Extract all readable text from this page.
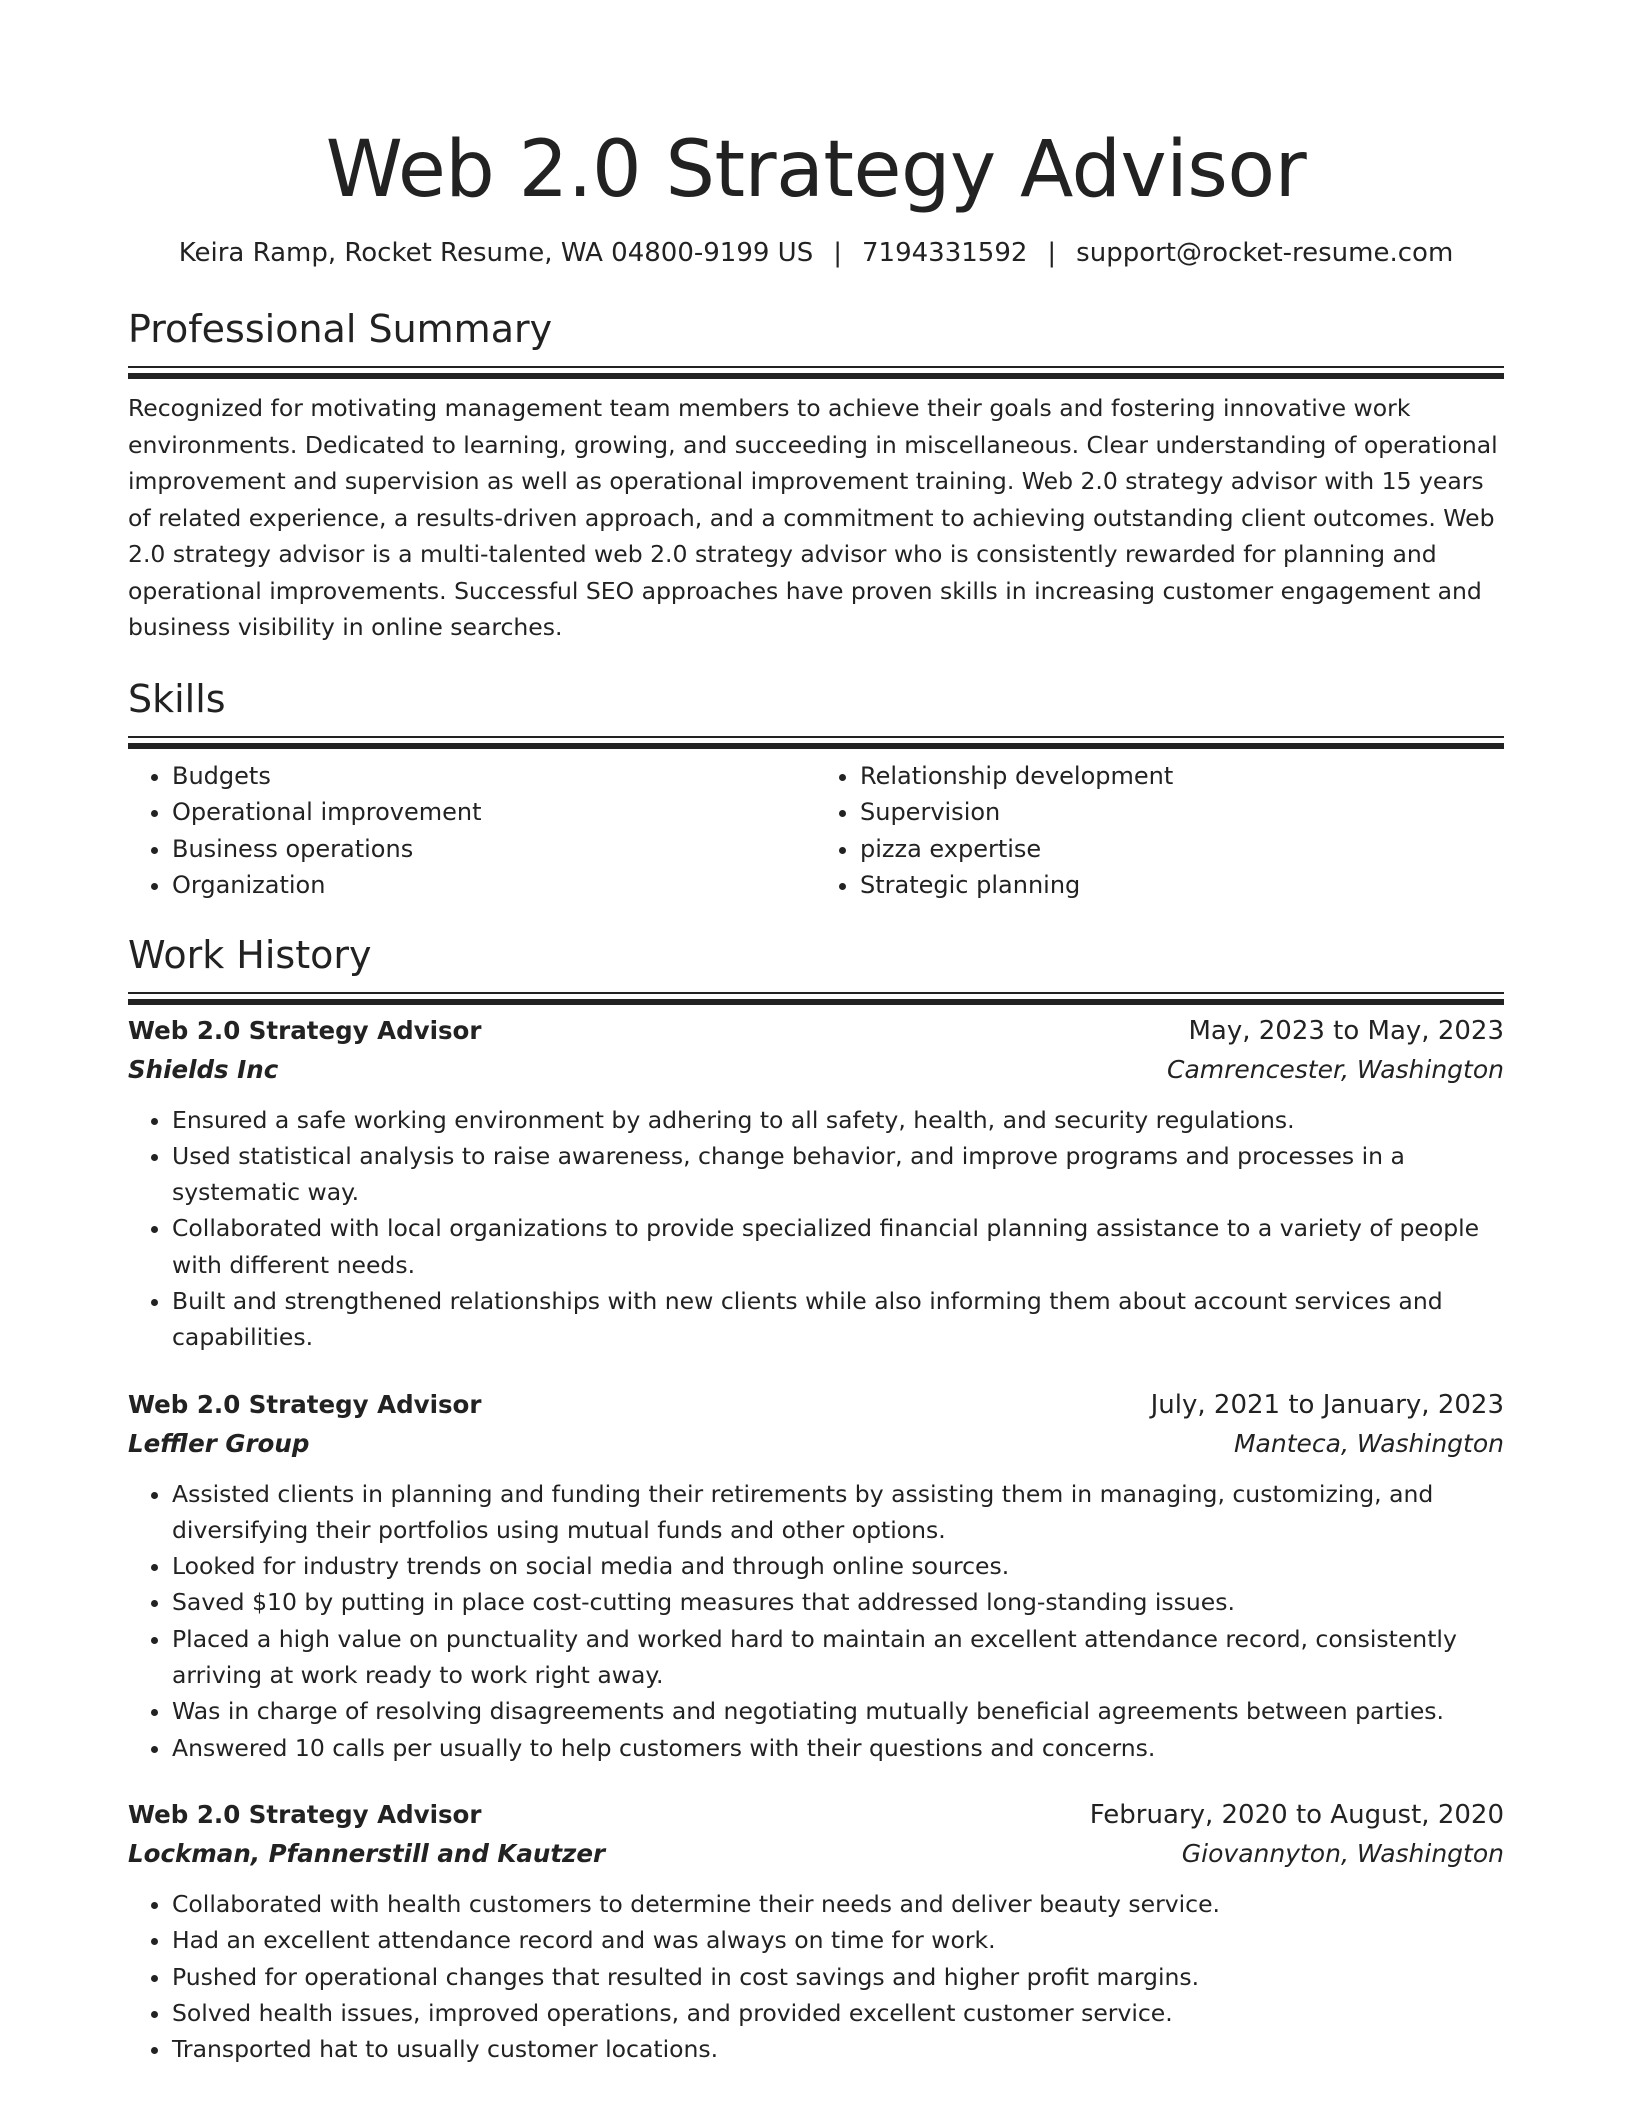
Web 2.0 Strategy Advisor
Keira Ramp, Rocket Resume, WA 04800-9199 US | 7194331592 | support@rocket-resume.com
Professional Summary

Recognized for motivating management team members to achieve their goals and fostering innovative work environments. Dedicated to learning, growing, and succeeding in miscellaneous. Clear understanding of operational improvement and supervision as well as operational improvement training. Web 2.0 strategy advisor with 15 years of related experience, a results-driven approach, and a commitment to achieving outstanding client outcomes. Web 2.0 strategy advisor is a multi-talented web 2.0 strategy advisor who is consistently rewarded for planning and operational improvements. Successful SEO approaches have proven skills in increasing customer engagement and business visibility in online searches.

Skills
• Budgets
• Operational improvement
• Business operations
• Organization
• Relationship development
• Supervision
• pizza expertise
• Strategic planning
Work History
Web 2.0 Strategy Advisor	May, 2023 to May, 2023
Shields Inc	Camrencester, Washington
• Ensured a safe working environment by adhering to all safety, health, and security regulations.
• Used statistical analysis to raise awareness, change behavior, and improve programs and processes in a systematic way.
• Collaborated with local organizations to provide specialized financial planning assistance to a variety of people with different needs.
• Built and strengthened relationships with new clients while also informing them about account services and capabilities.
Web 2.0 Strategy Advisor	July, 2021 to January, 2023
Leffler Group	Manteca, Washington
• Assisted clients in planning and funding their retirements by assisting them in managing, customizing, and diversifying their portfolios using mutual funds and other options.
• Looked for industry trends on social media and through online sources.
• Saved $10 by putting in place cost-cutting measures that addressed long-standing issues.
• Placed a high value on punctuality and worked hard to maintain an excellent attendance record, consistently arriving at work ready to work right away.
• Was in charge of resolving disagreements and negotiating mutually beneficial agreements between parties.
• Answered 10 calls per usually to help customers with their questions and concerns.
Web 2.0 Strategy Advisor	February, 2020 to August, 2020
Lockman, Pfannerstill and Kautzer	Giovannyton, Washington
• Collaborated with health customers to determine their needs and deliver beauty service.
• Had an excellent attendance record and was always on time for work.
• Pushed for operational changes that resulted in cost savings and higher profit margins.
• Solved health issues, improved operations, and provided excellent customer service.
• Transported hat to usually customer locations.
